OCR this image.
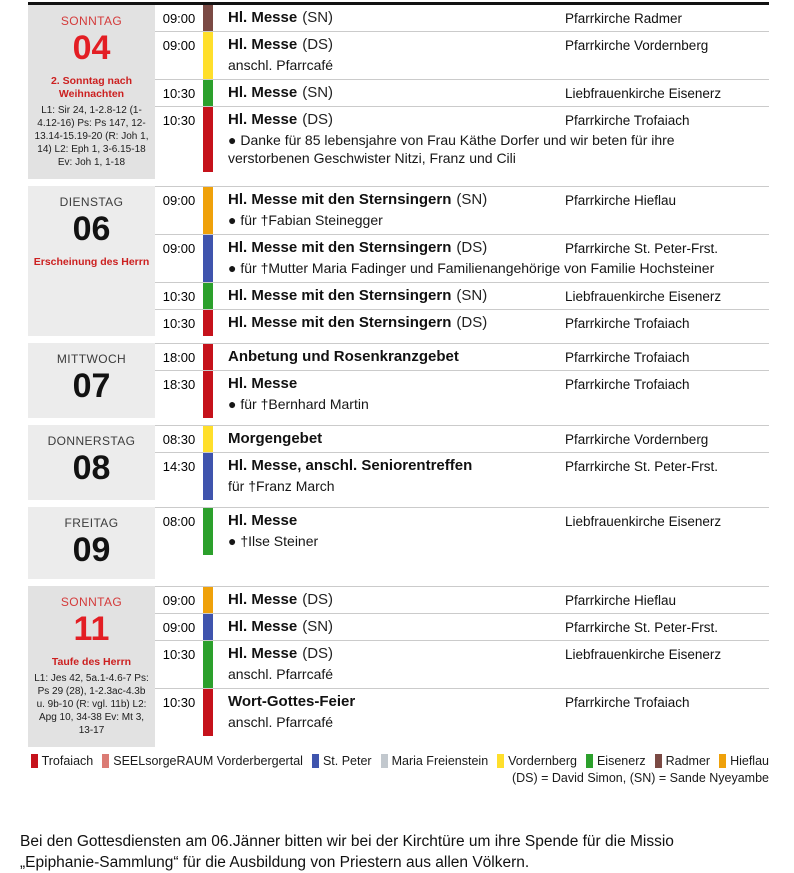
SONNTAG
04
2. Sonntag nach Weihnachten
L1: Sir 24, 1-2.8-12 (1-4.12-16) Ps: Ps 147, 12-13.14-15.19-20 (R: Joh 1, 14) L2: Eph 1, 3-6.15-18 Ev: Joh 1, 1-18
09:00	Hl. Messe (SN)	Pfarrkirche Radmer
09:00	Hl. Messe (DS)	Pfarrkirche Vordernberg
anschl. Pfarrcafé
10:30	Hl. Messe (SN)	Liebfrauenkirche Eisenerz
10:30	Hl. Messe (DS)	Pfarrkirche Trofaiach
● Danke für 85 lebensjahre von Frau Käthe Dorfer und wir beten für ihre verstorbenen Geschwister Nitzi, Franz und Cili
DIENSTAG
06
Erscheinung des Herrn
09:00	Hl. Messe mit den Sternsingern (SN)	Pfarrkirche Hieflau
● für †Fabian Steinegger
09:00	Hl. Messe mit den Sternsingern (DS)	Pfarrkirche St. Peter-Frst.
● für †Mutter Maria Fadinger und Familienangehörige von Familie Hochsteiner
10:30	Hl. Messe mit den Sternsingern (SN)	Liebfrauenkirche Eisenerz
10:30	Hl. Messe mit den Sternsingern (DS)	Pfarrkirche Trofaiach
MITTWOCH
07
18:00	Anbetung und Rosenkranzgebet	Pfarrkirche Trofaiach
18:30	Hl. Messe	Pfarrkirche Trofaiach
● für †Bernhard Martin
DONNERSTAG
08
08:30	Morgengebet	Pfarrkirche Vordernberg
14:30	Hl. Messe, anschl. Seniorentreffen	Pfarrkirche St. Peter-Frst.
für †Franz March
FREITAG
09
08:00	Hl. Messe	Liebfrauenkirche Eisenerz
● †Ilse Steiner
SONNTAG
11
Taufe des Herrn
L1: Jes 42, 5a.1-4.6-7 Ps: Ps 29 (28), 1-2.3ac-4.3b u. 9b-10 (R: vgl. 11b) L2: Apg 10, 34-38 Ev: Mt 3, 13-17
09:00	Hl. Messe (DS)	Pfarrkirche Hieflau
09:00	Hl. Messe (SN)	Pfarrkirche St. Peter-Frst.
10:30	Hl. Messe (DS)	Liebfrauenkirche Eisenerz
anschl. Pfarrcafé
10:30	Wort-Gottes-Feier	Pfarrkirche Trofaiach
anschl. Pfarrcafé
Trofaiach SEELsorgeRAUM Vorderbergertal St. Peter Maria Freienstein Vordernberg Eisenerz Radmer Hieflau
(DS) = David Simon, (SN) = Sande Nyeyambe
Bei den Gottesdiensten am 06.Jänner bitten wir bei der Kirchtüre um ihre Spende für die Missio
„Epiphanie-Sammlung“ für die Ausbildung von Priestern aus allen Völkern.
